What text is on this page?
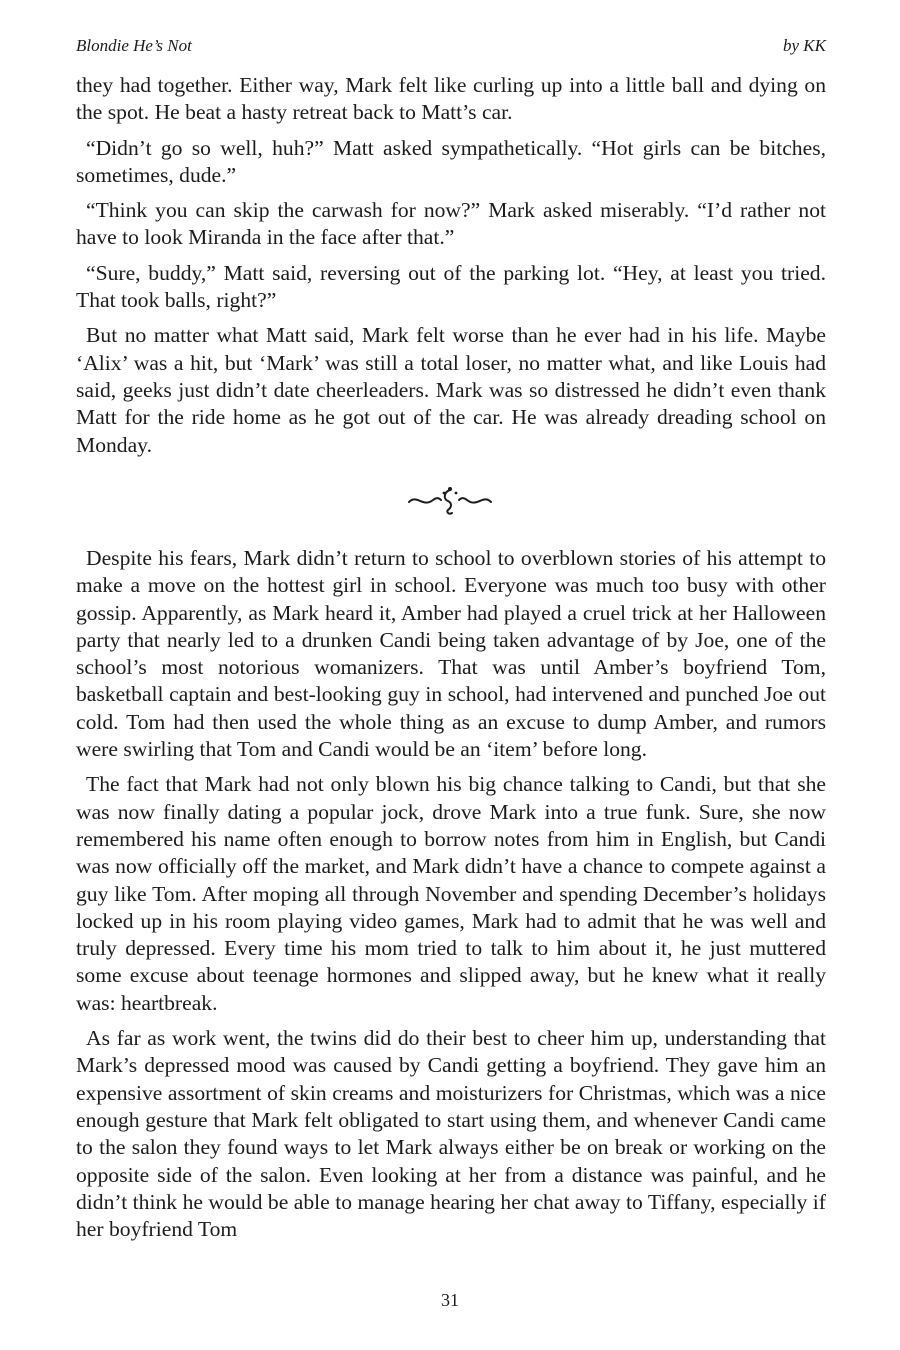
Blondie He’s Not	by KK

they had together. Either way, Mark felt like curling up into a little ball and dying on the spot. He beat a hasty retreat back to Matt’s car.

“Didn’t go so well, huh?” Matt asked sympathetically. “Hot girls can be bitches, sometimes, dude.”

“Think you can skip the carwash for now?” Mark asked miserably. “I’d rather not have to look Miranda in the face after that.”

“Sure, buddy,” Matt said, reversing out of the parking lot. “Hey, at least you tried. That took balls, right?”

But no matter what Matt said, Mark felt worse than he ever had in his life. Maybe ‘Alix’ was a hit, but ‘Mark’ was still a total loser, no matter what, and like Louis had said, geeks just didn’t date cheerleaders. Mark was so distressed he didn’t even thank Matt for the ride home as he got out of the car. He was already dreading school on Monday.

Despite his fears, Mark didn’t return to school to overblown stories of his attempt to make a move on the hottest girl in school. Everyone was much too busy with other gossip. Apparently, as Mark heard it, Amber had played a cruel trick at her Halloween party that nearly led to a drunken Candi being taken advantage of by Joe, one of the school’s most notorious womanizers. That was until Amber’s boyfriend Tom, basketball captain and best-looking guy in school, had intervened and punched Joe out cold. Tom had then used the whole thing as an excuse to dump Amber, and rumors were swirling that Tom and Candi would be an ‘item’ before long.

The fact that Mark had not only blown his big chance talking to Candi, but that she was now finally dating a popular jock, drove Mark into a true funk. Sure, she now remembered his name often enough to borrow notes from him in English, but Candi was now officially off the market, and Mark didn’t have a chance to compete against a guy like Tom. After moping all through November and spending December’s holidays locked up in his room playing video games, Mark had to admit that he was well and truly depressed. Every time his mom tried to talk to him about it, he just muttered some excuse about teenage hormones and slipped away, but he knew what it really was: heartbreak.

As far as work went, the twins did do their best to cheer him up, understanding that Mark’s depressed mood was caused by Candi getting a boyfriend. They gave him an expensive assortment of skin creams and moisturizers for Christmas, which was a nice enough gesture that Mark felt obligated to start using them, and whenever Candi came to the salon they found ways to let Mark always either be on break or working on the opposite side of the salon. Even looking at her from a distance was painful, and he didn’t think he would be able to manage hearing her chat away to Tiffany, especially if her boyfriend Tom

31
